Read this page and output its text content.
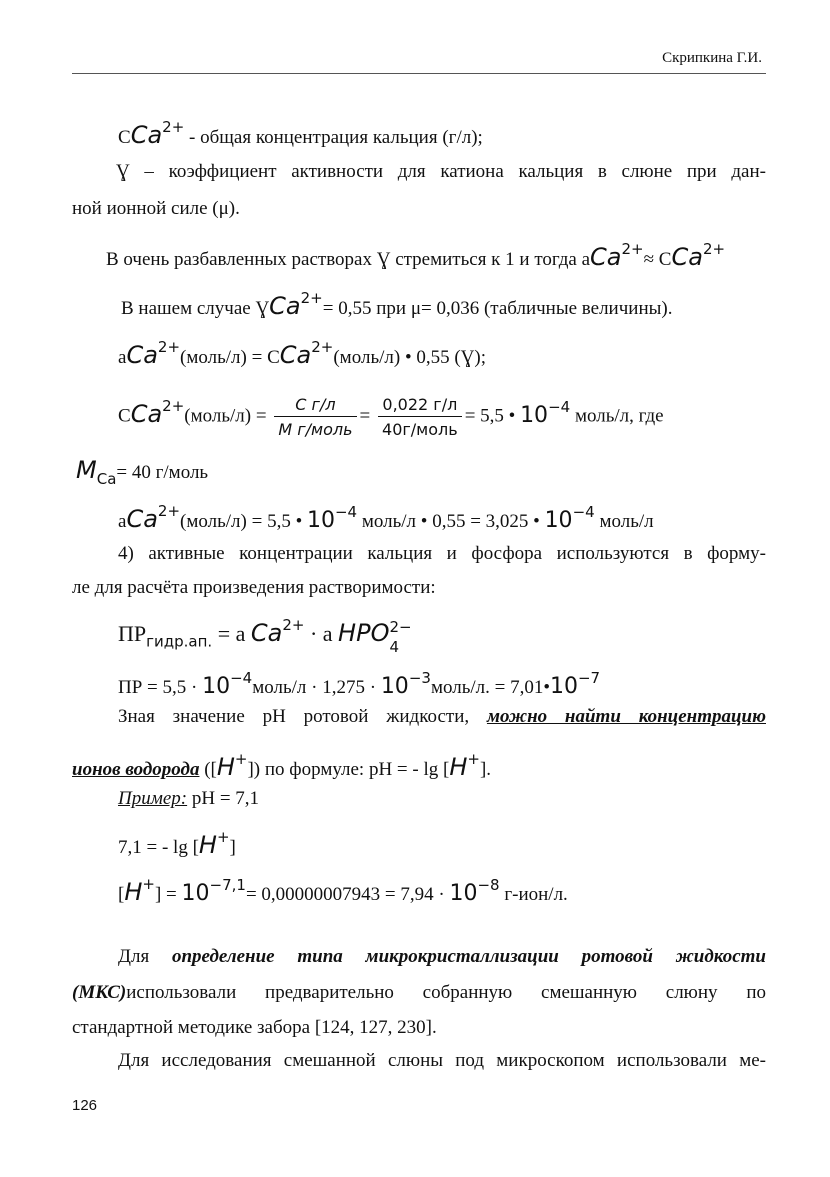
Скрипкина Г.И.
CCa$^{2+}$ - общая концентрация кальция (г/л);
Ɣ – коэффициент активности для катиона кальция в слюне при дан-
ной ионной силе (μ).
В очень разбавленных растворах Ɣ стремиться к 1 и тогда aCa$^{2+}$≈ CCa$^{2+}$
В нашем случае ƔCa$^{2+}$= 0,55 при μ= 0,036 (табличные величины).
aCa$^{2+}$(моль/л) = CCa$^{2+}$(моль/л) • 0,55 (Ɣ);
CCa$^{2+}$(моль/л) = $\frac{\text{C г/л}}{\text{M г/моль}} = \frac{0,022 г/л}{\text{40г/моль}} = 5,5$ • $10^{-4}$ моль/л, где
$M_{Ca}= 40$ г/моль
aCa$^{2+}$(моль/л) = 5,5 • $10^{-4}$ моль/л • 0,55 = 3,025 • $10^{-4}$ моль/л
4) активные концентрации кальция и фосфора используются в форму-
ле для расчёта произведения растворимости:
$ПР_{гидр.ап.} = a$ $Ca^{2+} \cdot a$ HPO 2−
4
ПР = $5,5 \cdot 10^{-4}моль/л \cdot 1,275$ · $10^{-3}моль/л$. = $7,01•10^{-7}$
Зная значение pH ротовой жидкости, можно найти концентрацию
ионов водорода ([H+]) по формуле: pH = - lg [H+].
Пример: pH = 7,1
7,1 = - lg [H+]
$[H^+] = 10^{-7,1}= 0,00000007943 = 7,94 \cdot 10^{-8}$ г-ион/л.
Для определение типа микрокристаллизации ротовой жидкости
(МКС)использовали предварительно собранную смешанную слюну по
стандартной методике забора [124, 127, 230].
Для исследования смешанной слюны под микроскопом использовали ме-
126
